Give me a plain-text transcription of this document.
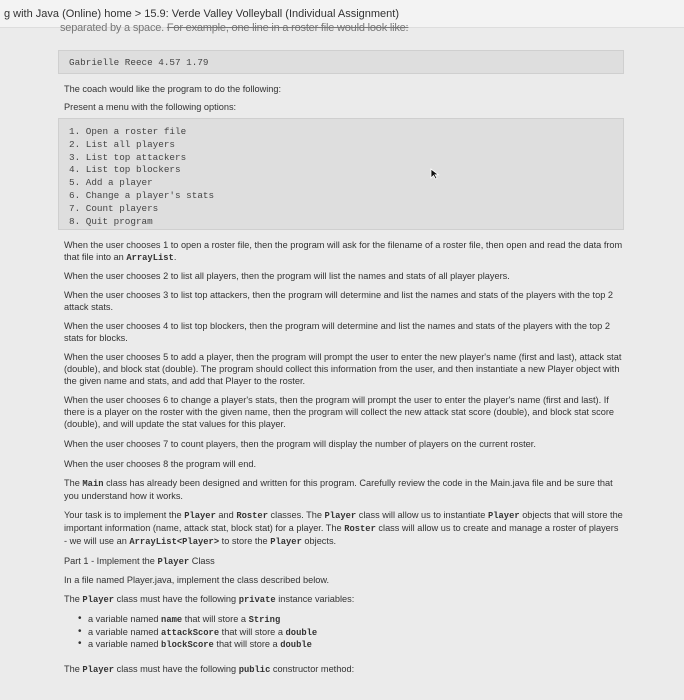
g with Java (Online) home > 15.9: Verde Valley Volleyball (Individual Assignment)
separated by a space. For example, one line in a roster file would look like:
Gabrielle Reece 4.57 1.79
The coach would like the program to do the following:
Present a menu with the following options:
1. Open a roster file
2. List all players
3. List top attackers
4. List top blockers
5. Add a player
6. Change a player's stats
7. Count players
8. Quit program
When the user chooses 1 to open a roster file, then the program will ask for the filename of a roster file, then open and read the data from that file into an ArrayList.
When the user chooses 2 to list all players, then the program will list the names and stats of all player players.
When the user chooses 3 to list top attackers, then the program will determine and list the names and stats of the players with the top 2 attack stats.
When the user chooses 4 to list top blockers, then the program will determine and list the names and stats of the players with the top 2 stats for blocks.
When the user chooses 5 to add a player, then the program will prompt the user to enter the new player's name (first and last), attack stat (double), and block stat (double). The program should collect this information from the user, and then instantiate a new Player object with the given name and stats, and add that Player to the roster.
When the user chooses 6 to change a player's stats, then the program will prompt the user to enter the player's name (first and last). If there is a player on the roster with the given name, then the program will collect the new attack stat score (double), and block stat score (double), and will update the stat values for this player.
When the user chooses 7 to count players, then the program will display the number of players on the current roster.
When the user chooses 8 the program will end.
The Main class has already been designed and written for this program. Carefully review the code in the Main.java file and be sure that you understand how it works.
Your task is to implement the Player and Roster classes. The Player class will allow us to instantiate Player objects that will store the important information (name, attack stat, block stat) for a player. The Roster class will allow us to create and manage a roster of players - we will use an ArrayList<Player> to store the Player objects.
Part 1 - Implement the Player Class
In a file named Player.java, implement the class described below.
The Player class must have the following private instance variables:
• a variable named name that will store a String
• a variable named attackScore that will store a double
• a variable named blockScore that will store a double
The Player class must have the following public constructor method:
